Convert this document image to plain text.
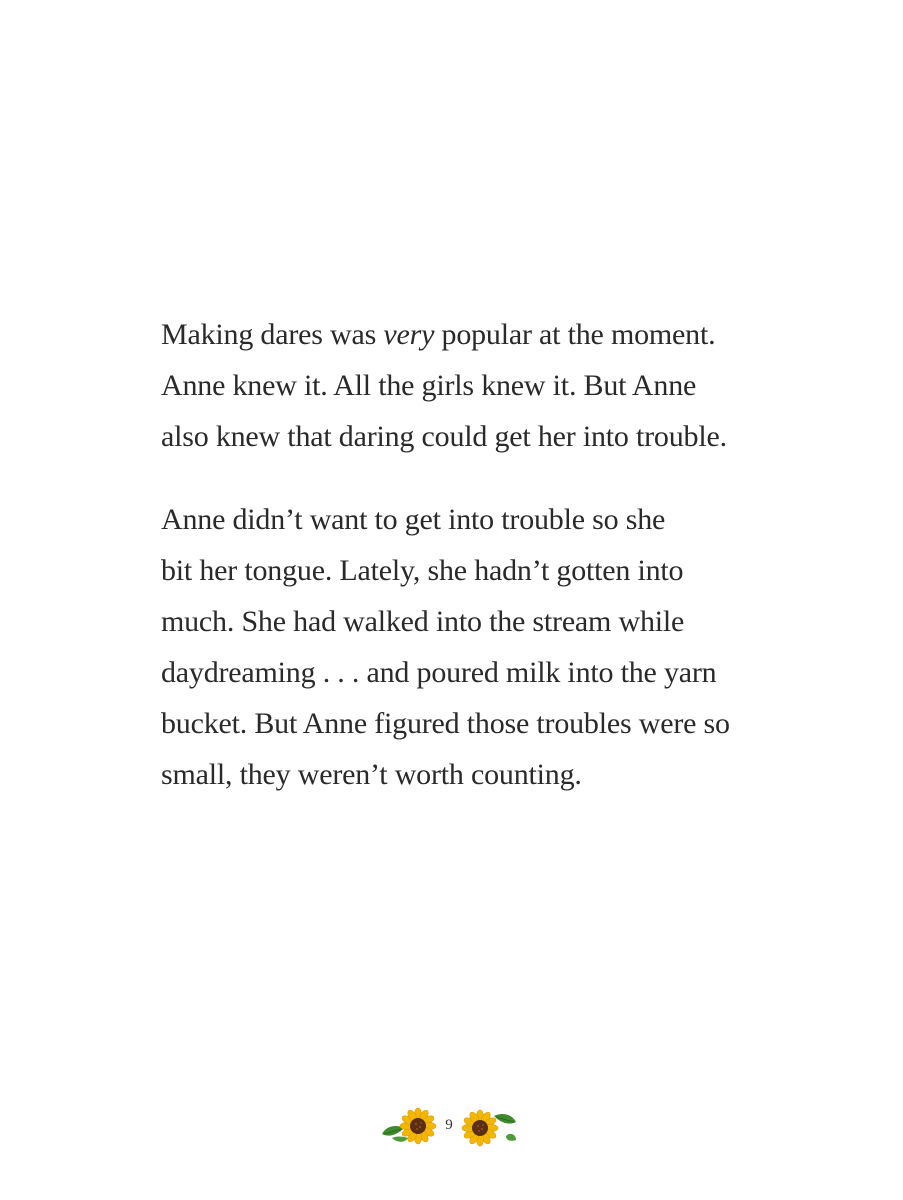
Making dares was very popular at the moment.
Anne knew it. All the girls knew it. But Anne
also knew that daring could get her into trouble.
Anne didn’t want to get into trouble so she
bit her tongue. Lately, she hadn’t gotten into
much. She had walked into the stream while
daydreaming . . . and poured milk into the yarn
bucket. But Anne figured those troubles were so
small, they weren’t worth counting.
9
